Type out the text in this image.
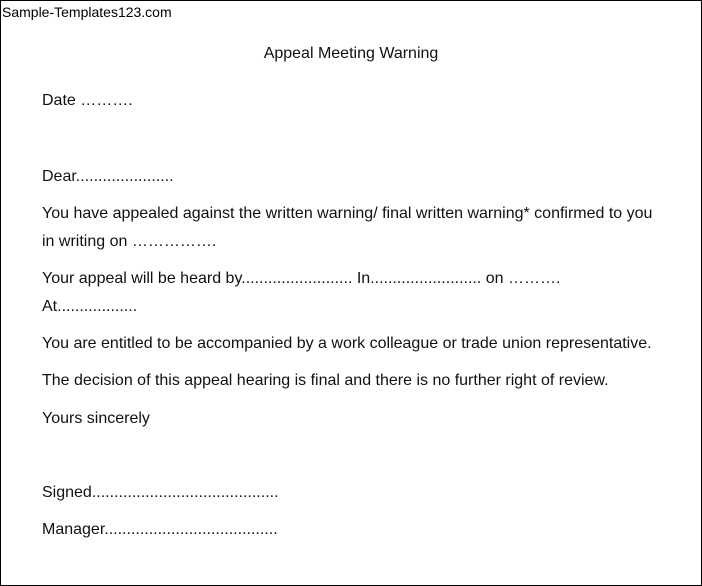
Sample-Templates123.com
Appeal Meeting Warning
Date ……….
Dear......................
You have appealed against the written warning/ final written warning* confirmed to you
in writing on …………….
Your appeal will be heard by......................... In......................... on ……….
At..................
You are entitled to be accompanied by a work colleague or trade union representative.
The decision of this appeal hearing is final and there is no further right of review.
Yours sincerely
Signed..........................................
Manager.......................................
